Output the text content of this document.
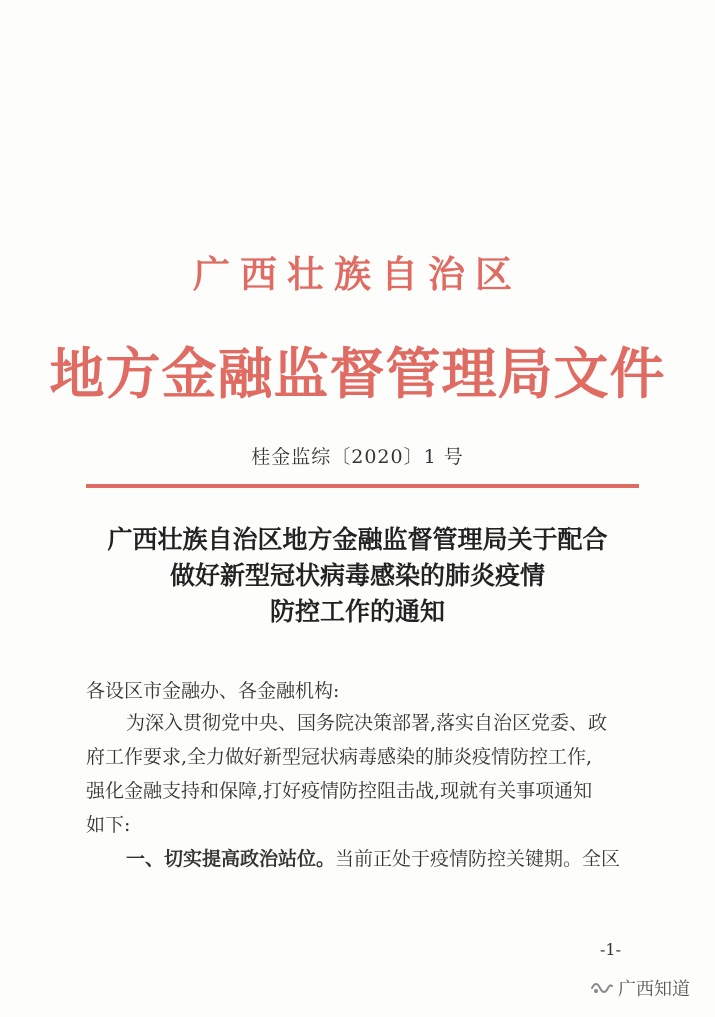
广西壮族自治区
地方金融监督管理局文件
桂金监综〔2020〕1 号
广西壮族自治区地方金融监督管理局关于配合
做好新型冠状病毒感染的肺炎疫情
防控工作的通知
各设区市金融办、各金融机构:
为深入贯彻党中央、国务院决策部署,落实自治区党委、政
府工作要求,全力做好新型冠状病毒感染的肺炎疫情防控工作,
强化金融支持和保障,打好疫情防控阻击战,现就有关事项通知
如下:
一、切实提高政治站位。当前正处于疫情防控关键期。全区
-1-
广西知道
